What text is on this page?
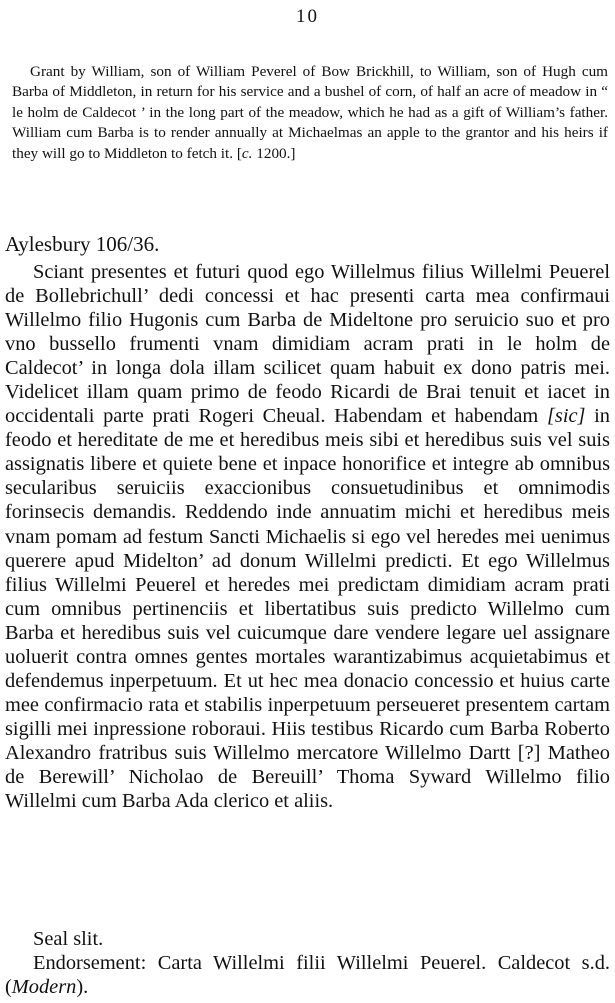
10

Grant by William, son of William Peverel of Bow Brickhill, to William, son of Hugh cum Barba of Middleton, in return for his service and a bushel of corn, of half an acre of meadow in “ le holm de Caldecot ’ in the long part of the meadow, which he had as a gift of William’s father. William cum Barba is to render annually at Michaelmas an apple to the grantor and his heirs if they will go to Middleton to fetch it. [c. 1200.]

Aylesbury 106/36.

Sciant presentes et futuri quod ego Willelmus filius Willelmi Peuerel de Bollebrichull’ dedi concessi et hac presenti carta mea confirmaui Willelmo filio Hugonis cum Barba de Mideltone pro seruicio suo et pro vno bussello frumenti vnam dimidiam acram prati in le holm de Caldecot’ in longa dola illam scilicet quam habuit ex dono patris mei. Videlicet illam quam primo de feodo Ricardi de Brai tenuit et iacet in occidentali parte prati Rogeri Cheual. Habendam et habendam [sic] in feodo et hereditate de me et heredibus meis sibi et heredibus suis vel suis assignatis libere et quiete bene et inpace honorifice et integre ab omnibus secularibus seruiciis exaccionibus consuetudinibus et omnimodis forinsecis demandis. Reddendo inde annuatim michi et heredibus meis vnam pomam ad festum Sancti Michaelis si ego vel heredes mei uenimus querere apud Midelton’ ad donum Willelmi predicti. Et ego Willelmus filius Willelmi Peuerel et heredes mei predictam dimidiam acram prati cum omnibus pertinenciis et libertatibus suis predicto Willelmo cum Barba et heredibus suis vel cuicumque dare vendere legare uel assignare uoluerit contra omnes gentes mortales warantizabimus acquietabimus et defendemus inperpetuum. Et ut hec mea donacio concessio et huius carte mee confirmacio rata et stabilis inperpetuum perseueret presentem cartam sigilli mei inpressione roboraui. Hiis testibus Ricardo cum Barba Roberto Alexandro fratribus suis Willelmo mercatore Willelmo Dartt [?] Matheo de Berewill’ Nicholao de Bereuill’ Thoma Syward Willelmo filio Willelmi cum Barba Ada clerico et aliis.

Seal slit.

Endorsement: Carta Willelmi filii Willelmi Peuerel. Caldecot s.d. (Modern).
